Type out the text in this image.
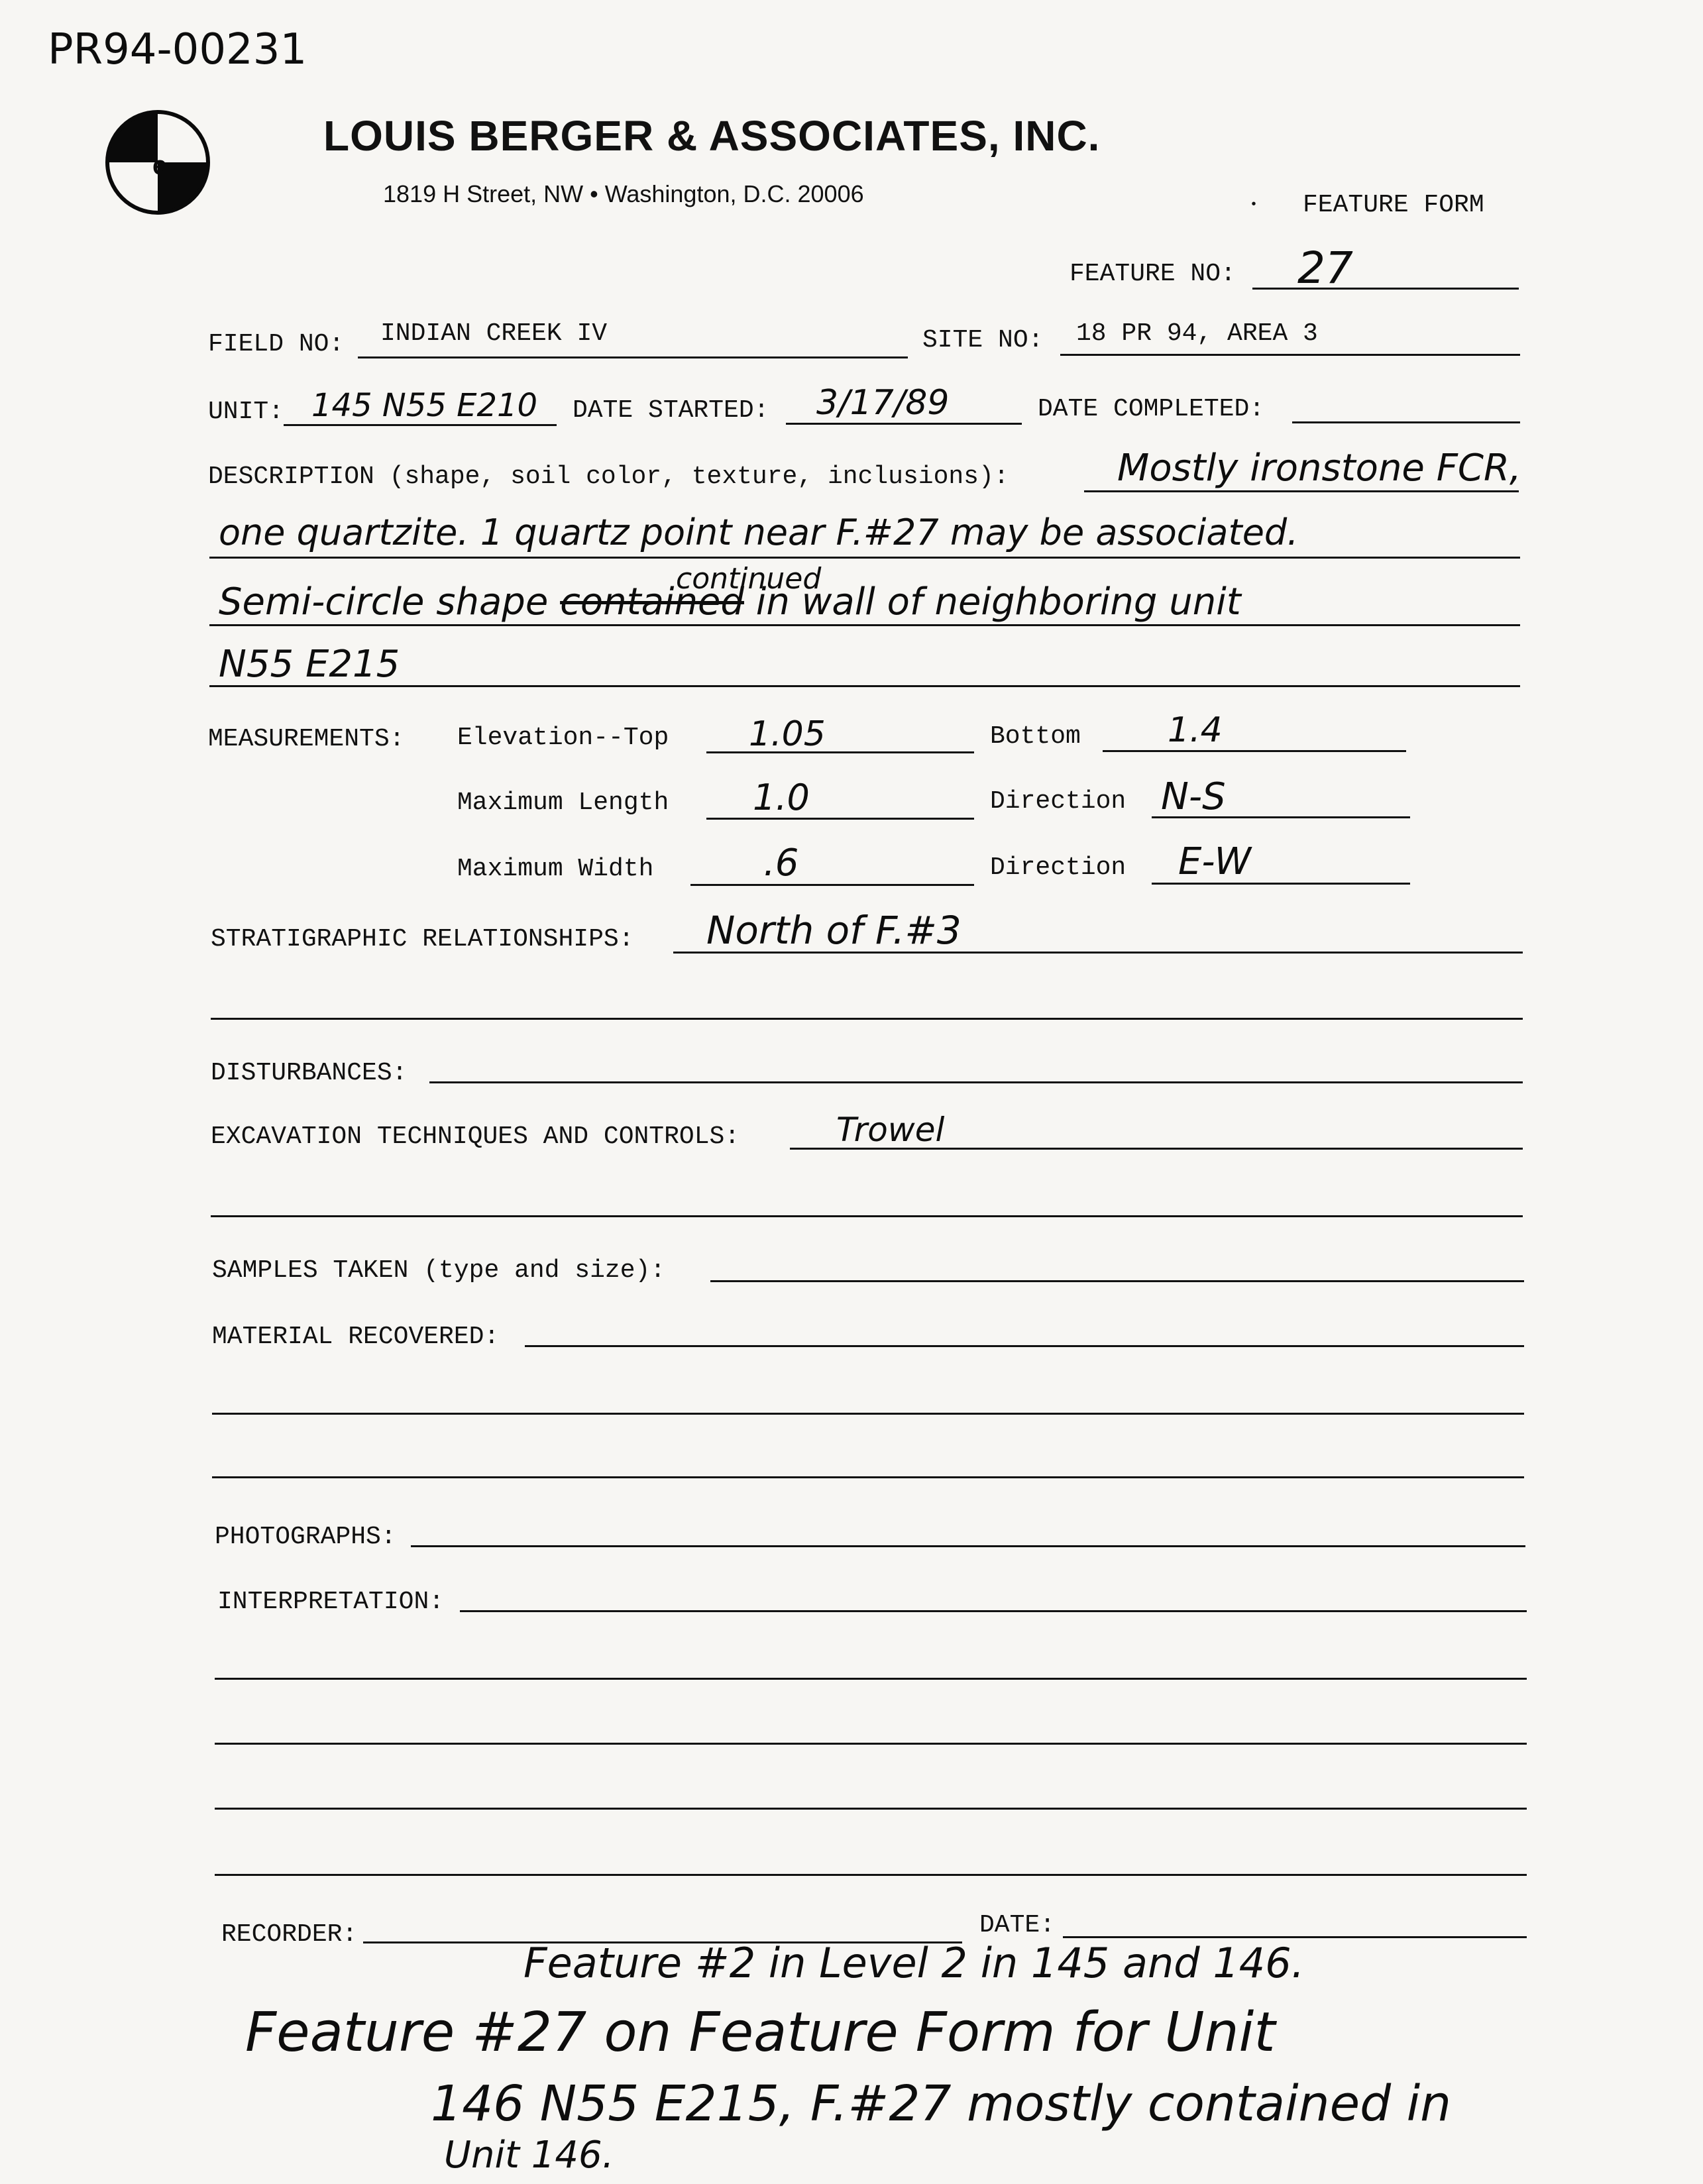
PR94-00231
e
LOUIS BERGER & ASSOCIATES, INC.
1819 H Street, NW • Washington, D.C. 20006	• FEATURE FORM
FEATURE NO: 27
FIELD NO: INDIAN CREEK IV	SITE NO: 18 PR 94, AREA 3
UNIT: 145 N55 E210 DATE STARTED: 3/17/89	DATE COMPLETED:
DESCRIPTION (shape, soil color, texture, inclusions):	Mostly ironstone FCR,
one quartzite. 1 quartz point near F.#27 may be associated.
continued
Semi-circle shape contained in wall of neighboring unit
N55 E215
MEASUREMENTS: Elevation--Top 1.05	Bottom	1.4
Maximum Length 1.0	Direction N-S
Maximum Width	.6	Direction E-W
STRATIGRAPHIC RELATIONSHIPS: North of F.#3
DISTURBANCES:
EXCAVATION TECHNIQUES AND CONTROLS:	Trowel
SAMPLES TAKEN (type and size):
MATERIAL RECOVERED:
PHOTOGRAPHS:
INTERPRETATION:
RECORDER:	DATE:
Feature #2 in Level 2 in 145 and 146.
Feature #27 on Feature Form for Unit
146 N55 E215, F.#27 mostly contained in
Unit 146.
